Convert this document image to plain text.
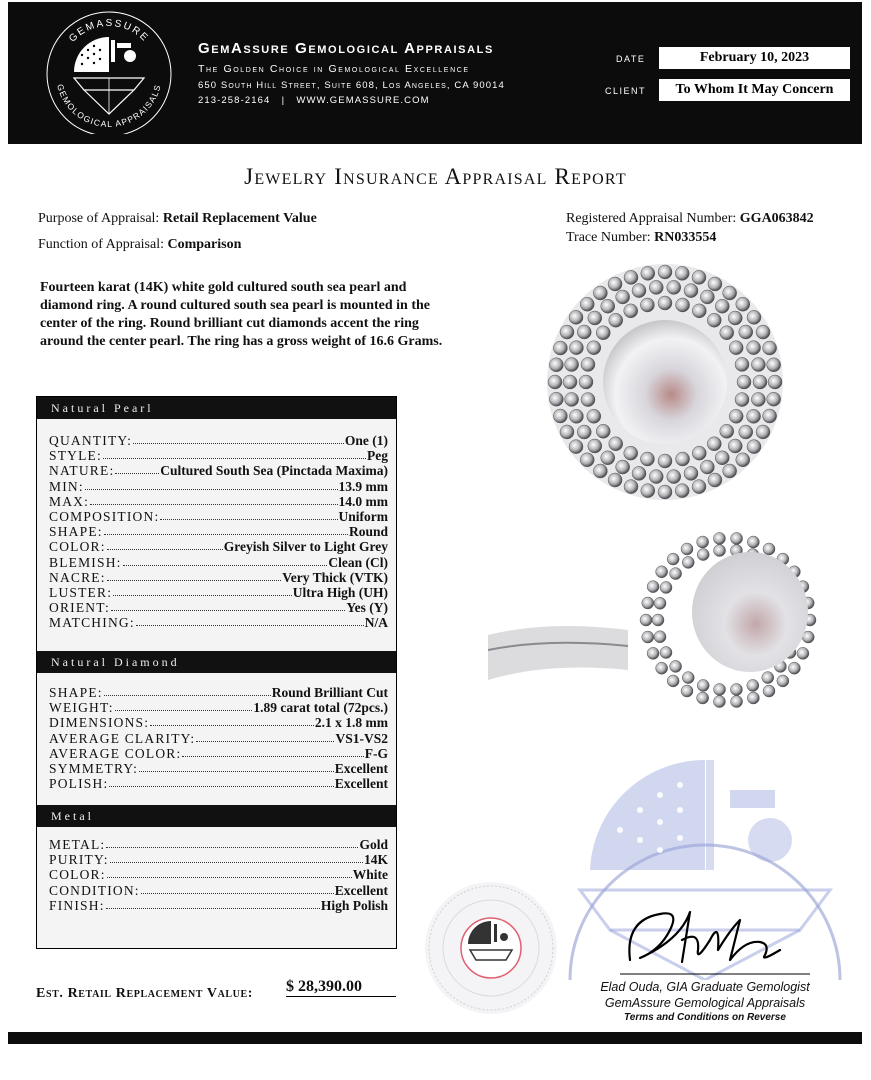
GEMASSURE
GEMOLOGICAL APPRAISALS
GemAssure Gemological Appraisals
The Golden Choice in Gemological Excellence
650 South Hill Street, Suite 608, Los Angeles, CA 90014
213-258-2164   |   WWW.GEMASSURE.COM
DATE	February 10, 2023
CLIENT	To Whom It May Concern
Jewelry Insurance Appraisal Report
Purpose of Appraisal: Retail Replacement Value
Function of Appraisal: Comparison
Registered Appraisal Number: GGA063842
Trace Number: RN033554
Fourteen karat (14K) white gold cultured south sea pearl and diamond ring. A round cultured south sea pearl is mounted in the center of the ring. Round brilliant cut diamonds accent the ring around the center pearl. The ring has a gross weight of 16.6 Grams.
Natural Pearl
QUANTITY:	One (1)
STYLE:	Peg
NATURE:	Cultured South Sea (Pinctada Maxima)
MIN:	13.9 mm
MAX:	14.0 mm
COMPOSITION:	Uniform
SHAPE:	Round
COLOR:	Greyish Silver to Light Grey
BLEMISH:	Clean (Cl)
NACRE:	Very Thick (VTK)
LUSTER:	Ultra High (UH)
ORIENT:	Yes (Y)
MATCHING:	N/A
Natural Diamond
SHAPE:	Round Brilliant Cut
WEIGHT:	1.89 carat total (72pcs.)
DIMENSIONS:	2.1 x 1.8 mm
AVERAGE CLARITY:	VS1-VS2
AVERAGE COLOR:	F-G
SYMMETRY:	Excellent
POLISH:	Excellent
Metal
METAL:	Gold
PURITY:	14K
COLOR:	White
CONDITION:	Excellent
FINISH:	High Polish
Est. Retail Replacement Value: $ 28,390.00	Elad Ouda, GIA Graduate Gemologist
GemAssure Gemological Appraisals
Terms and Conditions on Reverse
